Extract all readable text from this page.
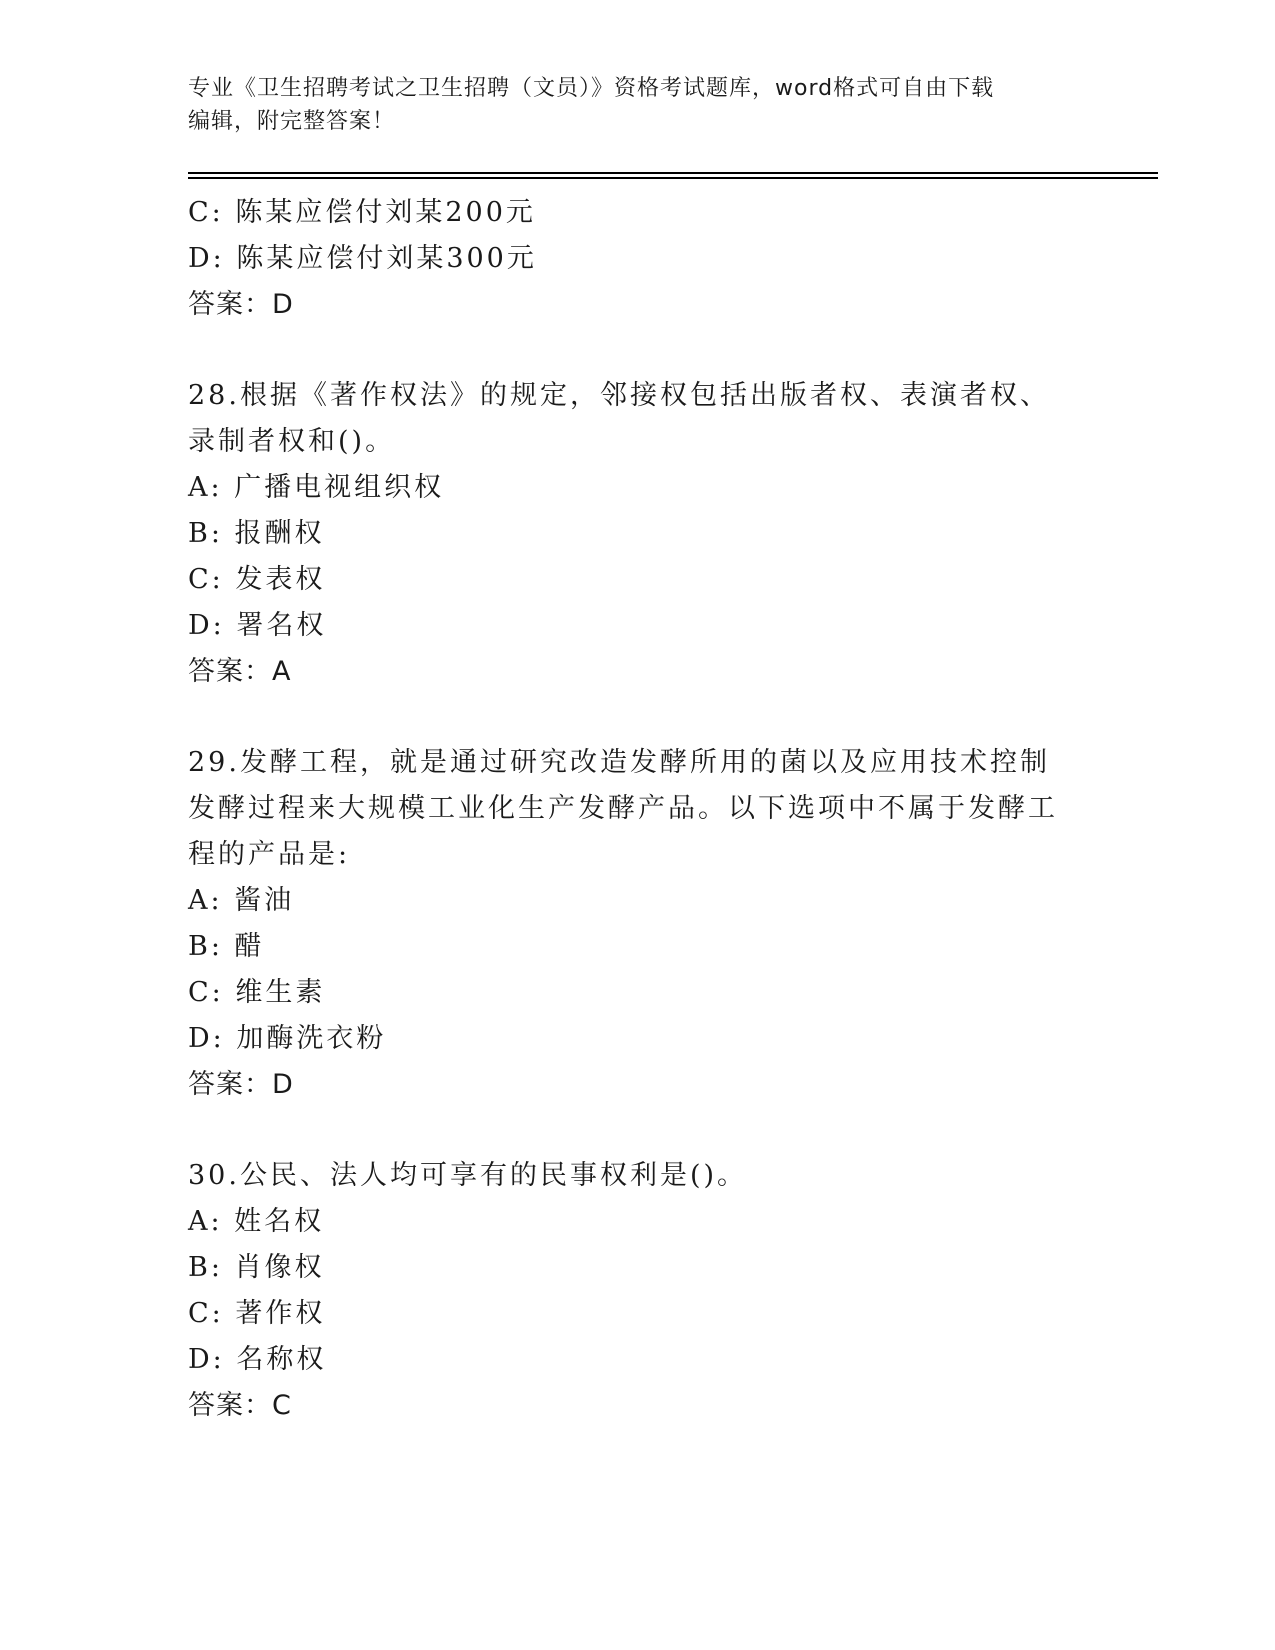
专业《卫生招聘考试之卫生招聘（文员）》资格考试题库，word格式可自由下载
编辑，附完整答案！
C: 陈某应偿付刘某200元
D: 陈某应偿付刘某300元
答案：D
28.根据《著作权法》的规定，邻接权包括出版者权、表演者权、录制者权和()。
A: 广播电视组织权
B: 报酬权
C: 发表权
D: 署名权
答案：A
29.发酵工程，就是通过研究改造发酵所用的菌以及应用技术控制发酵过程来大规模工业化生产发酵产品。以下选项中不属于发酵工程的产品是:
A: 酱油
B: 醋
C: 维生素
D: 加酶洗衣粉
答案：D
30.公民、法人均可享有的民事权利是()。
A: 姓名权
B: 肖像权
C: 著作权
D: 名称权
答案：C
